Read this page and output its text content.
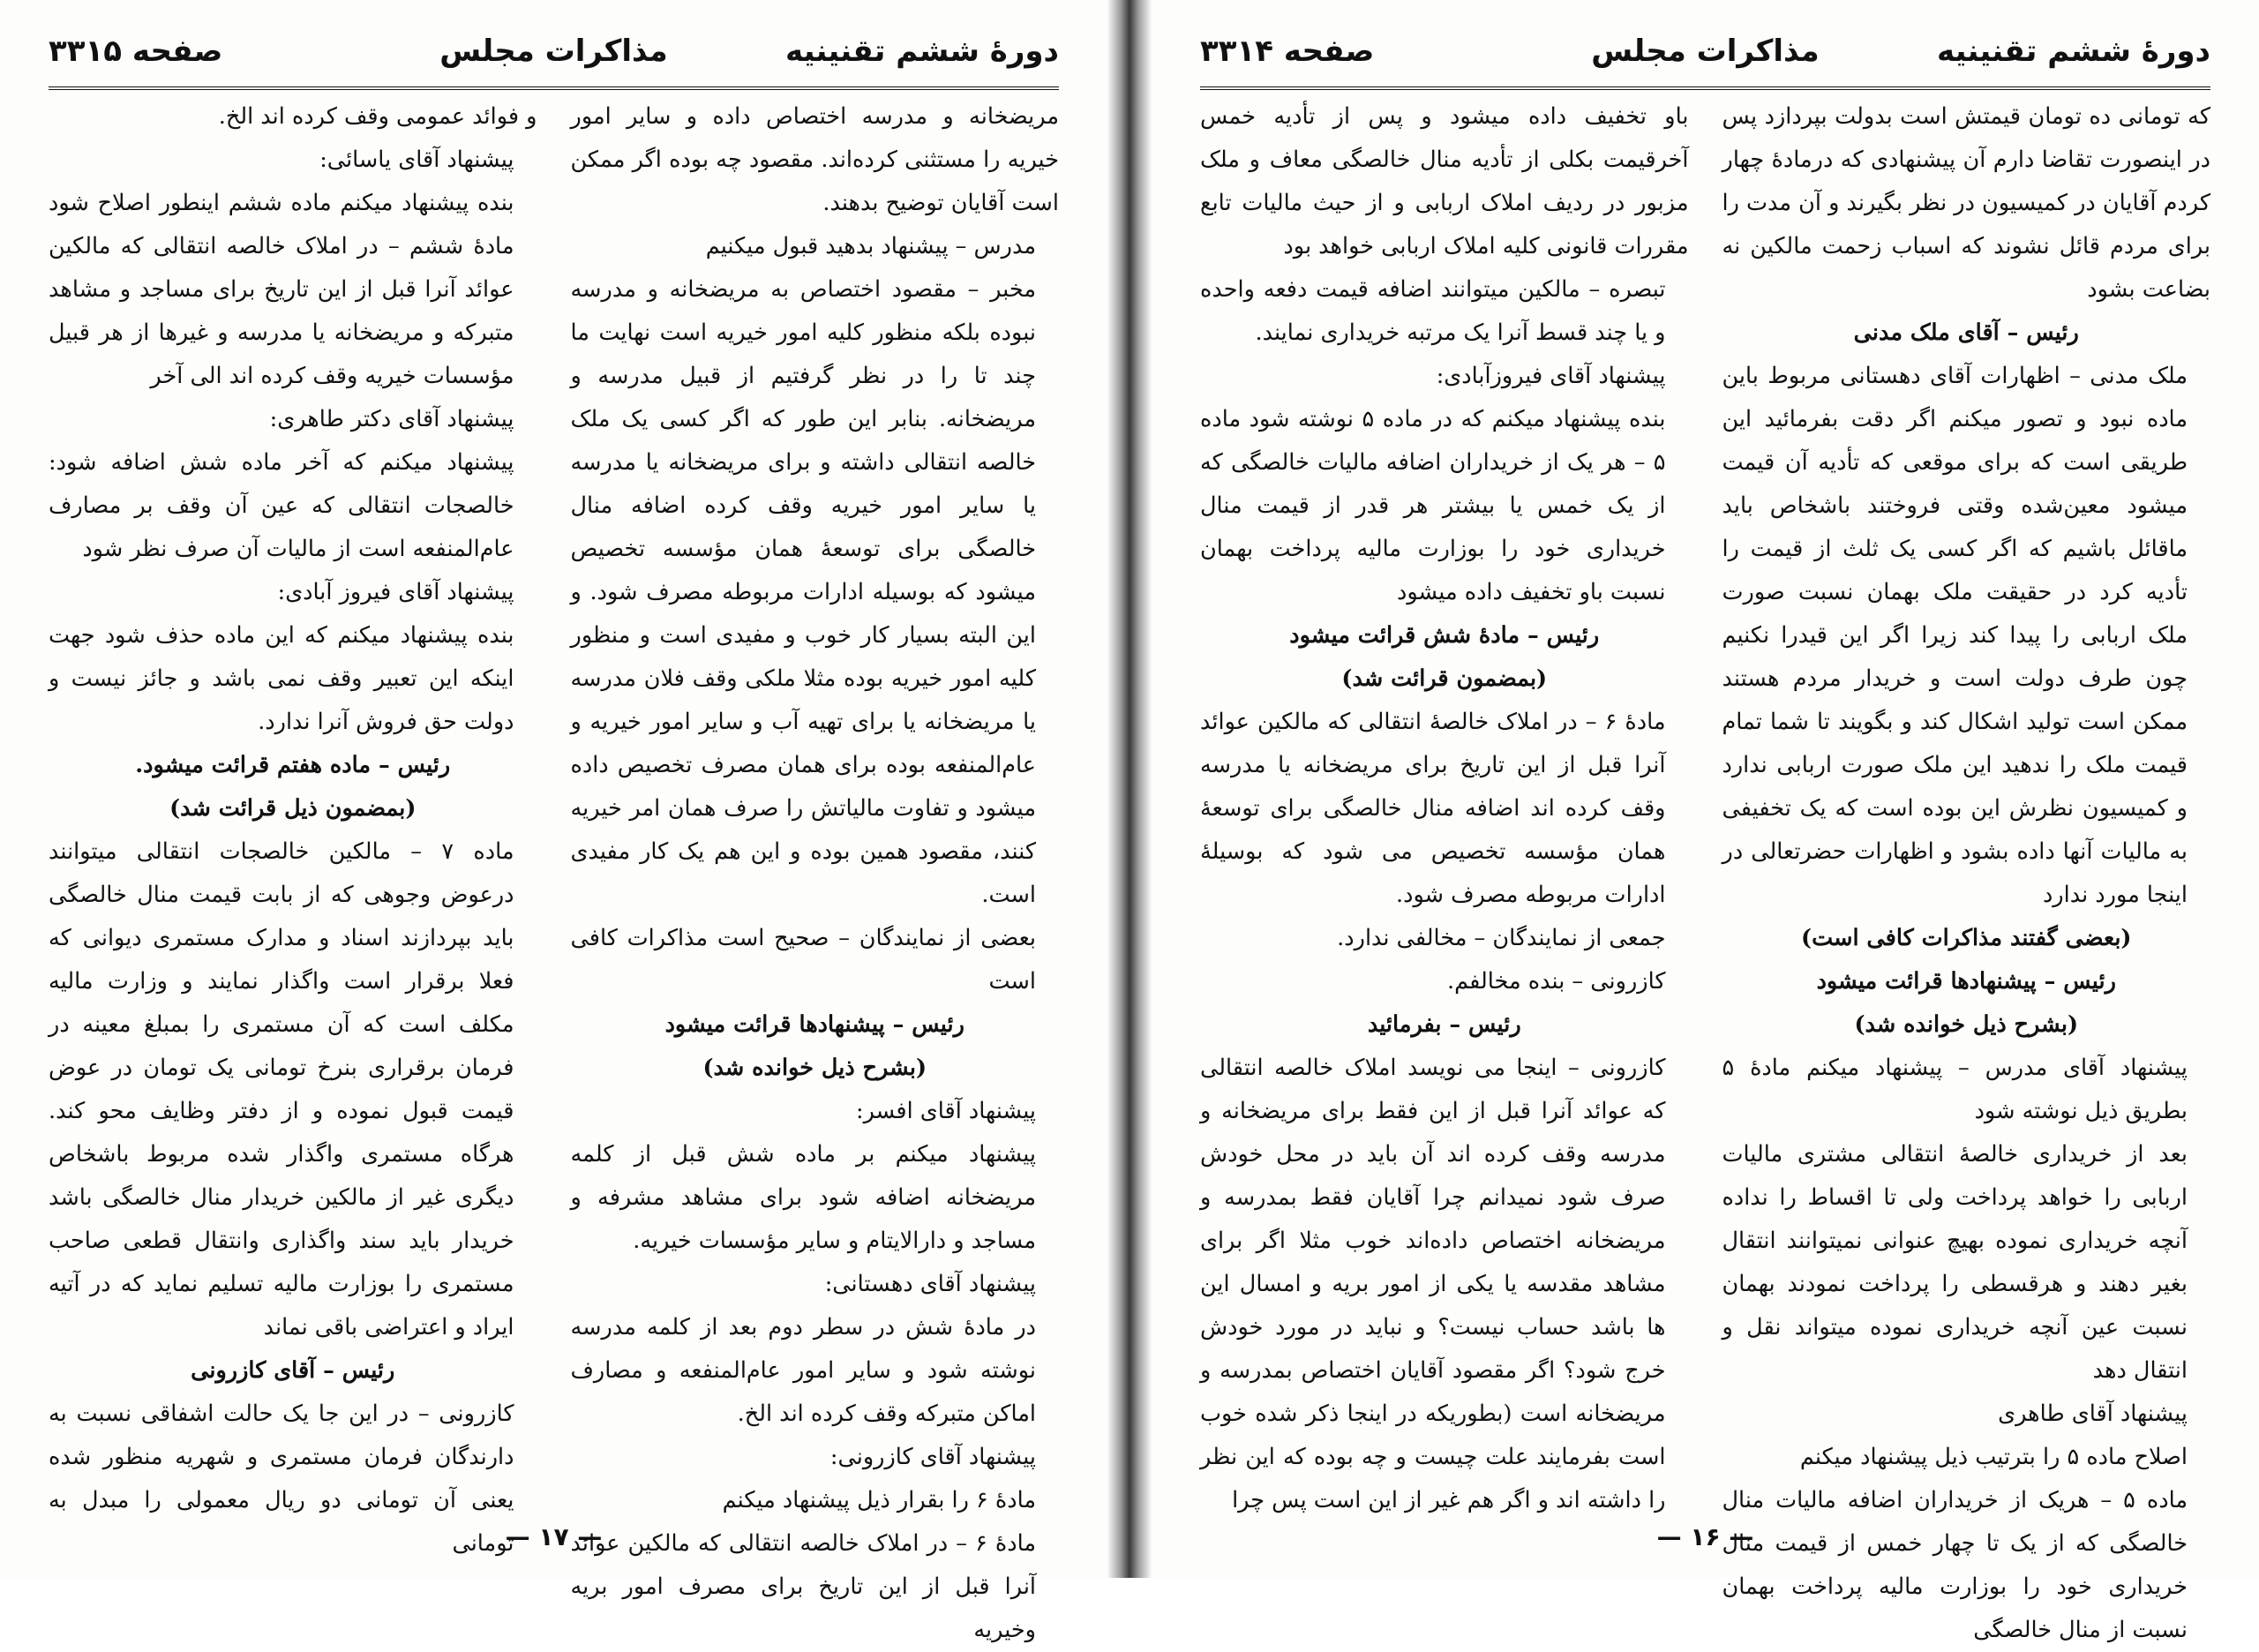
دورهٔ ششم تقنینیه
مذاکرات مجلس
صفحه ۳۳۱۵

مریضخانه و مدرسه اختصاص داده و سایر امور خیریه را مستثنی کرده‌اند. مقصود چه بوده اگر ممکن است آقایان توضیح بدهند.

مدرس – پیشنهاد بدهید قبول میکنیم

مخبر – مقصود اختصاص به مریضخانه و مدرسه نبوده بلکه منظور کلیه امور خیریه است نهایت ما چند تا را در نظر گرفتیم از قبیل مدرسه و مریضخانه. بنابر این طور که اگر کسی یک ملک خالصه انتقالی داشته و برای مریضخانه یا مدرسه یا سایر امور خیریه وقف کرده اضافه منال خالصگی برای توسعهٔ همان مؤسسه تخصیص میشود که بوسیله ادارات مربوطه مصرف شود. و این البته بسیار کار خوب و مفیدی است و منظور کلیه امور خیریه بوده مثلا ملکی وقف فلان مدرسه یا مریضخانه یا برای تهیه آب و سایر امور خیریه و عام‌المنفعه بوده برای همان مصرف تخصیص داده میشود و تفاوت مالیاتش را صرف همان امر خیریه کنند، مقصود همین بوده و این هم یک کار مفیدی است.

بعضی از نمایندگان – صحیح است مذاکرات کافی است

رئیس – پیشنهادها قرائت میشود

(بشرح ذیل خوانده شد)

پیشنهاد آقای افسر:

پیشنهاد میکنم بر ماده شش قبل از کلمه مریضخانه اضافه شود برای مشاهد مشرفه و مساجد و دارالایتام و سایر مؤسسات خیریه.

پیشنهاد آقای دهستانی:

در مادهٔ شش در سطر دوم بعد از کلمه مدرسه نوشته شود و سایر امور عام‌المنفعه و مصارف اماکن متبرکه وقف کرده اند الخ.

پیشنهاد آقای کازرونی:

مادهٔ ۶ را بقرار ذیل پیشنهاد میکنم

مادهٔ ۶ – در املاک خالصه انتقالی که مالکین عوائد آنرا قبل از این تاریخ برای مصرف امور بریه وخیریه

و فوائد عمومی وقف کرده اند الخ.

پیشنهاد آقای یاسائی:

بنده پیشنهاد میکنم ماده ششم اینطور اصلاح شود مادهٔ ششم – در املاک خالصه انتقالی که مالکین عوائد آنرا قبل از این تاریخ برای مساجد و مشاهد متبرکه و مریضخانه یا مدرسه و غیرها از هر قبیل مؤسسات خیریه وقف کرده اند الی آخر

پیشنهاد آقای دکتر طاهری:

پیشنهاد میکنم که آخر ماده شش اضافه شود: خالصجات انتقالی که عین آن وقف بر مصارف عام‌المنفعه است از مالیات آن صرف نظر شود

پیشنهاد آقای فیروز آبادی:

بنده پیشنهاد میکنم که این ماده حذف شود جهت اینکه این تعبیر وقف نمی باشد و جائز نیست و دولت حق فروش آنرا ندارد.

رئیس – ماده هفتم قرائت میشود.

(بمضمون ذیل قرائت شد)

ماده ۷ – مالکین خالصجات انتقالی میتوانند درعوض وجوهی که از بابت قیمت منال خالصگی باید بپردازند اسناد و مدارک مستمری دیوانی که فعلا برقرار است واگذار نمایند و وزارت مالیه مکلف است که آن مستمری را بمبلغ معینه در فرمان برقراری بنرخ تومانی یک تومان در عوض قیمت قبول نموده و از دفتر وظایف محو کند. هرگاه مستمری واگذار شده مربوط باشخاص دیگری غیر از مالکین خریدار منال خالصگی باشد خریدار باید سند واگذاری وانتقال قطعی صاحب مستمری را بوزارت مالیه تسلیم نماید که در آتیه ایراد و اعتراضی باقی نماند

رئیس – آقای کازرونی

کازرونی – در این جا یک حالت اشفاقی نسبت به دارندگان فرمان مستمری و شهریه منظور شده یعنی آن تومانی دو ریال معمولی را مبدل به تومانی

— ۱۷ —
دورهٔ ششم تقنینیه
مذاکرات مجلس
صفحه ۳۳۱۴

که تومانی ده تومان قیمتش است بدولت بپردازد پس در اینصورت تقاضا دارم آن پیشنهادی که درمادهٔ چهار کردم آقایان در کمیسیون در نظر بگیرند و آن مدت را برای مردم قائل نشوند که اسباب زحمت مالکین نه بضاعت بشود

رئیس – آقای ملک مدنی

ملک مدنی – اظهارات آقای دهستانی مربوط باین ماده نبود و تصور میکنم اگر دقت بفرمائید این طریقی است که برای موقعی که تأدیه آن قیمت میشود معین‌شده وقتی فروختند باشخاص باید ماقائل باشیم که اگر کسی یک ثلث از قیمت را تأدیه کرد در حقیقت ملک بهمان نسبت صورت ملک اربابی را پیدا کند زیرا اگر این قیدرا نکنیم چون طرف دولت است و خریدار مردم هستند ممکن است تولید اشکال کند و بگویند تا شما تمام قیمت ملک را ندهید این ملک صورت اربابی ندارد و کمیسیون نظرش این بوده است که یک تخفیفی به مالیات آنها داده بشود و اظهارات حضرتعالی در اینجا مورد ندارد

(بعضی گفتند مذاکرات کافی است)

رئیس – پیشنهادها قرائت میشود

(بشرح ذیل خوانده شد)

پیشنهاد آقای مدرس – پیشنهاد میکنم مادهٔ ۵ بطریق ذیل نوشته شود

بعد از خریداری خالصهٔ انتقالی مشتری مالیات اربابی را خواهد پرداخت ولی تا اقساط را نداده آنچه خریداری نموده بهیچ عنوانی نمیتوانند انتقال بغیر دهند و هرقسطی را پرداخت نمودند بهمان نسبت عین آنچه خریداری نموده میتواند نقل و انتقال دهد

پیشنهاد آقای طاهری

اصلاح ماده ۵ را بترتیب ذیل پیشنهاد میکنم

ماده ۵ – هریک از خریداران اضافه مالیات منال خالصگی که از یک تا چهار خمس از قیمت منال خریداری خود را بوزارت مالیه پرداخت بهمان نسبت از منال خالصگی

باو تخفیف داده میشود و پس از تأدیه خمس آخرقیمت بکلی از تأدیه منال خالصگی معاف و ملک مزبور در ردیف املاک اربابی و از حیث مالیات تابع مقررات قانونی کلیه املاک اربابی خواهد بود

تبصره – مالکین میتوانند اضافه قیمت دفعه واحده و یا چند قسط آنرا یک مرتبه خریداری نمایند.

پیشنهاد آقای فیروزآبادی:

بنده پیشنهاد میکنم که در ماده ۵ نوشته شود ماده ۵ – هر یک از خریداران اضافه مالیات خالصگی که از یک خمس یا بیشتر هر قدر از قیمت منال خریداری خود را بوزارت مالیه پرداخت بهمان نسبت باو تخفیف داده میشود

رئیس – مادهٔ شش قرائت میشود

(بمضمون قرائت شد)

مادهٔ ۶ – در املاک خالصهٔ انتقالی که مالکین عوائد آنرا قبل از این تاریخ برای مریضخانه یا مدرسه وقف کرده اند اضافه منال خالصگی برای توسعهٔ همان مؤسسه تخصیص می شود که بوسیلهٔ ادارات مربوطه مصرف شود.

جمعی از نمایندگان – مخالفی ندارد.

کازرونی – بنده مخالفم.

رئیس – بفرمائید

کازرونی – اینجا می نویسد املاک خالصه انتقالی که عوائد آنرا قبل از این فقط برای مریضخانه و مدرسه وقف کرده اند آن باید در محل خودش صرف شود نمیدانم چرا آقایان فقط بمدرسه و مریضخانه اختصاص داده‌اند خوب مثلا اگر برای مشاهد مقدسه یا یکی از امور بریه و امسال این ها باشد حساب نیست؟ و نباید در مورد خودش خرج شود؟ اگر مقصود آقایان اختصاص بمدرسه و مریضخانه است (بطوریکه در اینجا ذکر شده خوب است بفرمایند علت چیست و چه بوده که این نظر را داشته اند و اگر هم غیر از این است پس چرا

— ۱۶ —
